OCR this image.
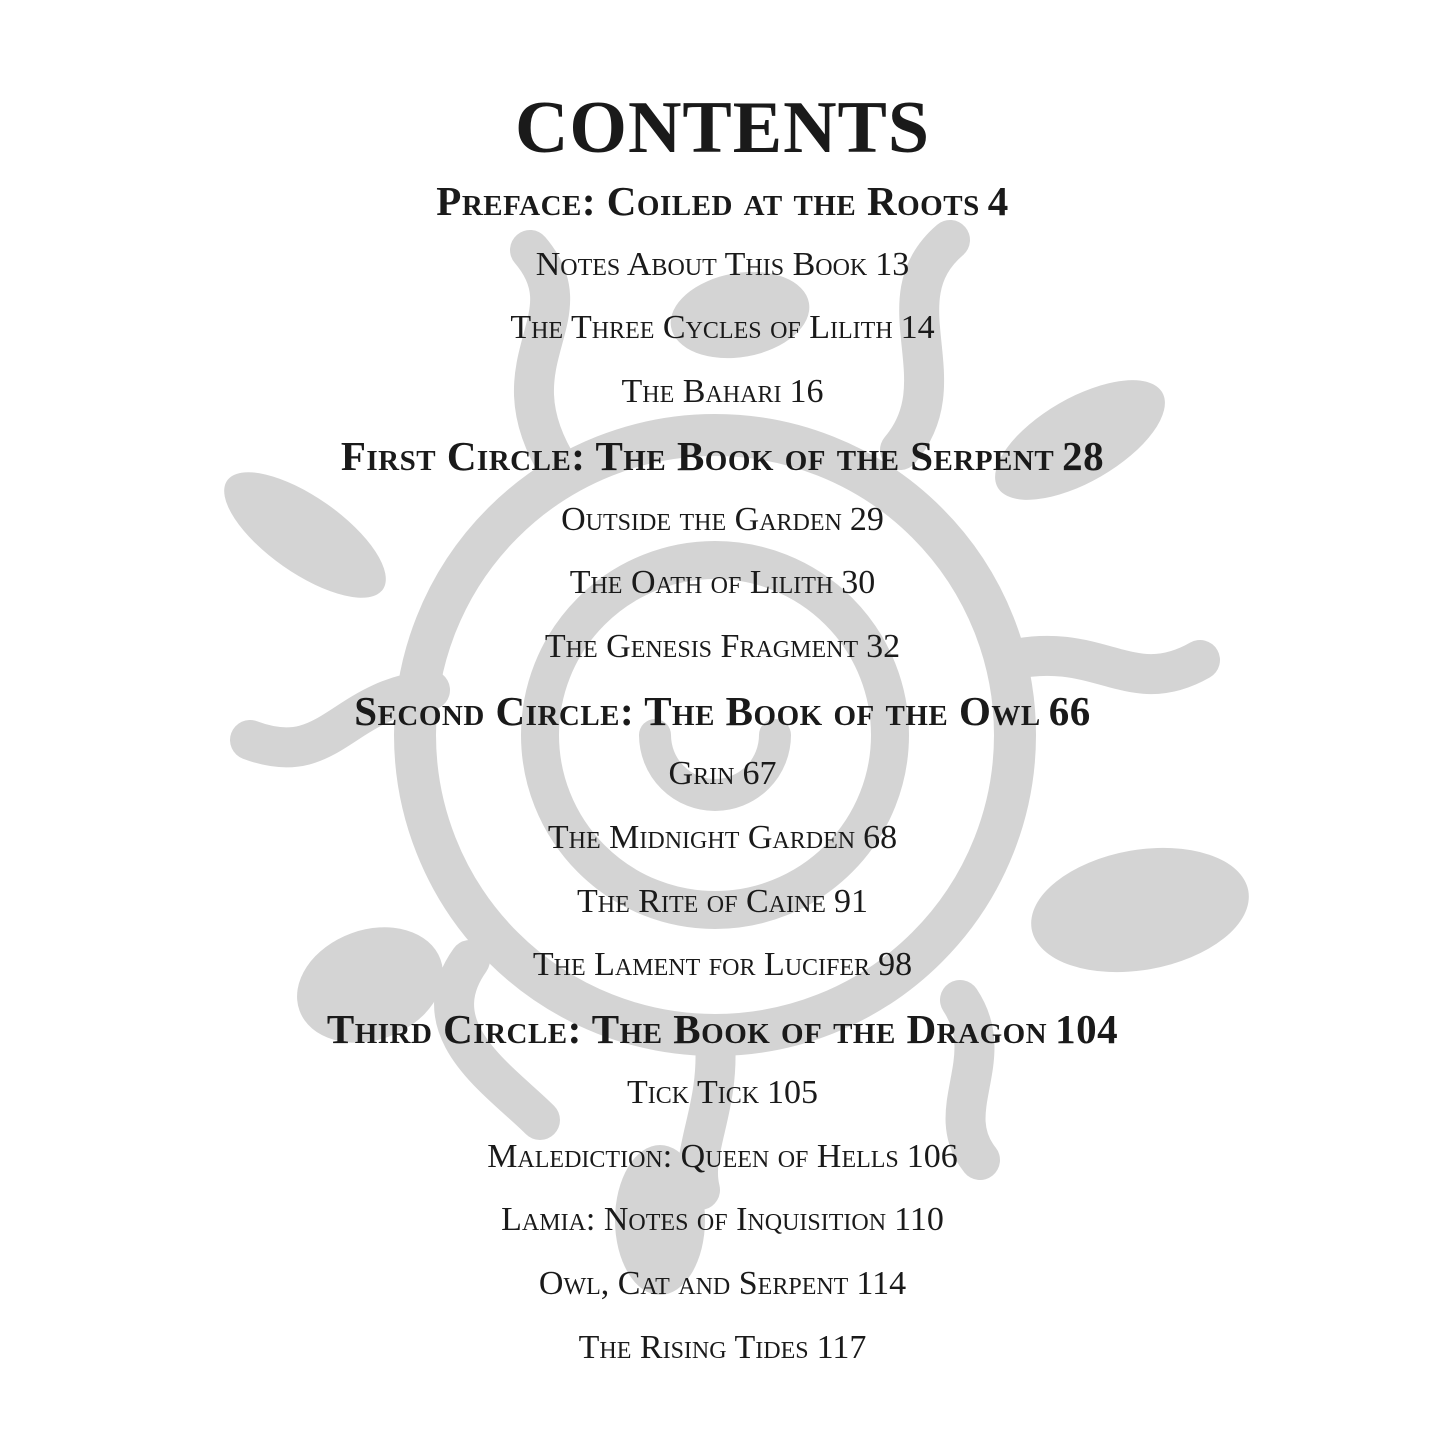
CONTENTS
Preface: Coiled at the Roots 4
Notes About This Book 13
The Three Cycles of Lilith 14
The Bahari 16
First Circle: The Book of the Serpent 28
Outside the Garden 29
The Oath of Lilith 30
The Genesis Fragment 32
Second Circle: The Book of the Owl 66
Grin 67
The Midnight Garden 68
The Rite of Caine 91
The Lament for Lucifer 98
Third Circle: The Book of the Dragon 104
Tick Tick 105
Malediction: Queen of Hells 106
Lamia: Notes of Inquisition 110
Owl, Cat and Serpent 114
The Rising Tides 117
